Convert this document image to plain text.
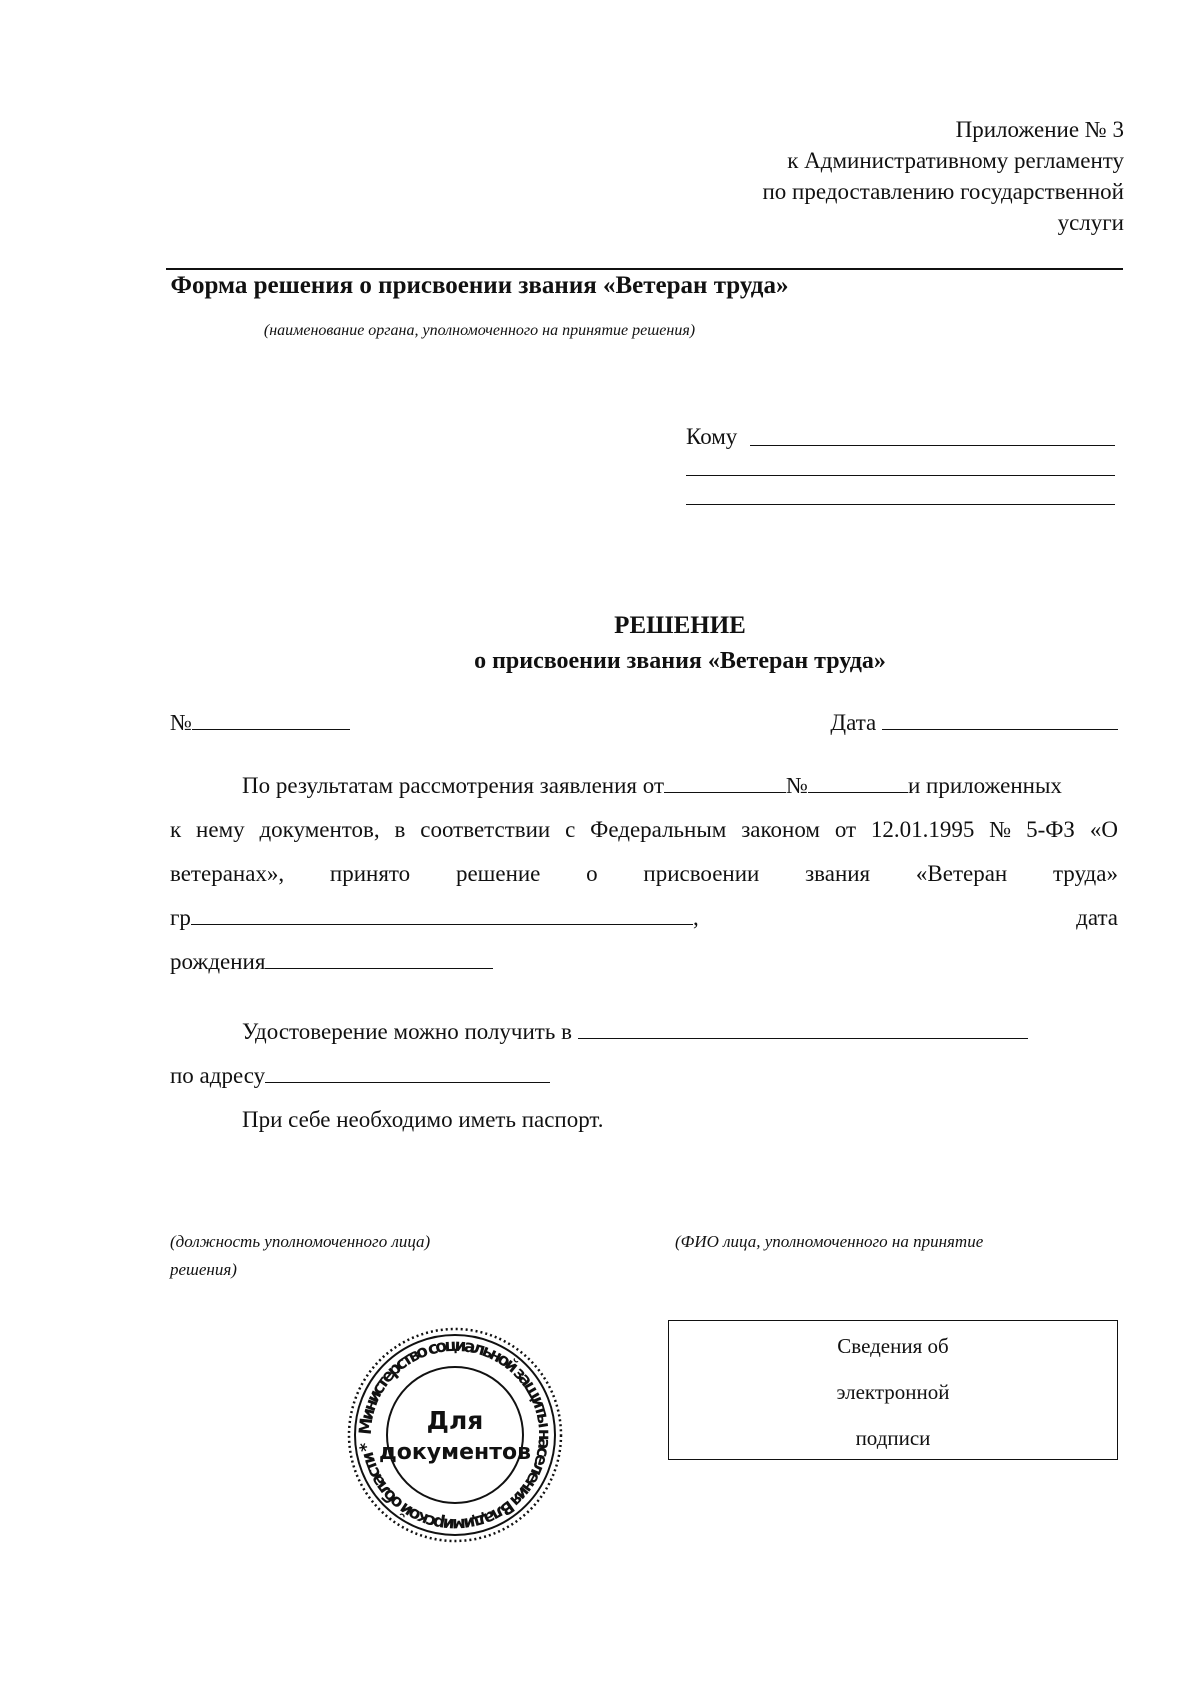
Приложение № 3
к Административному регламенту
по предоставлению государственной
услуги
Форма решения о присвоении звания «Ветеран труда»
(наименование органа, уполномоченного на принятие решения)
Кому
РЕШЕНИЕ
о присвоении звания «Ветеран труда»
№	Дата
По результатам рассмотрения заявления от	№	и приложенных
к нему документов, в соответствии с Федеральным законом от 12.01.1995 № 5-ФЗ «О
ветеранах», принято решение о присвоении звания «Ветеран труда»
гр	,	дата
рождения
Удостоверение можно получить в
по адресу
При себе необходимо иметь паспорт.
(должность уполномоченного лица)
решения)
(ФИО лица, уполномоченного на принятие
Сведения об
электронной
подписи
Министерство социальной защиты населения Владимирской области *
Для
документов
